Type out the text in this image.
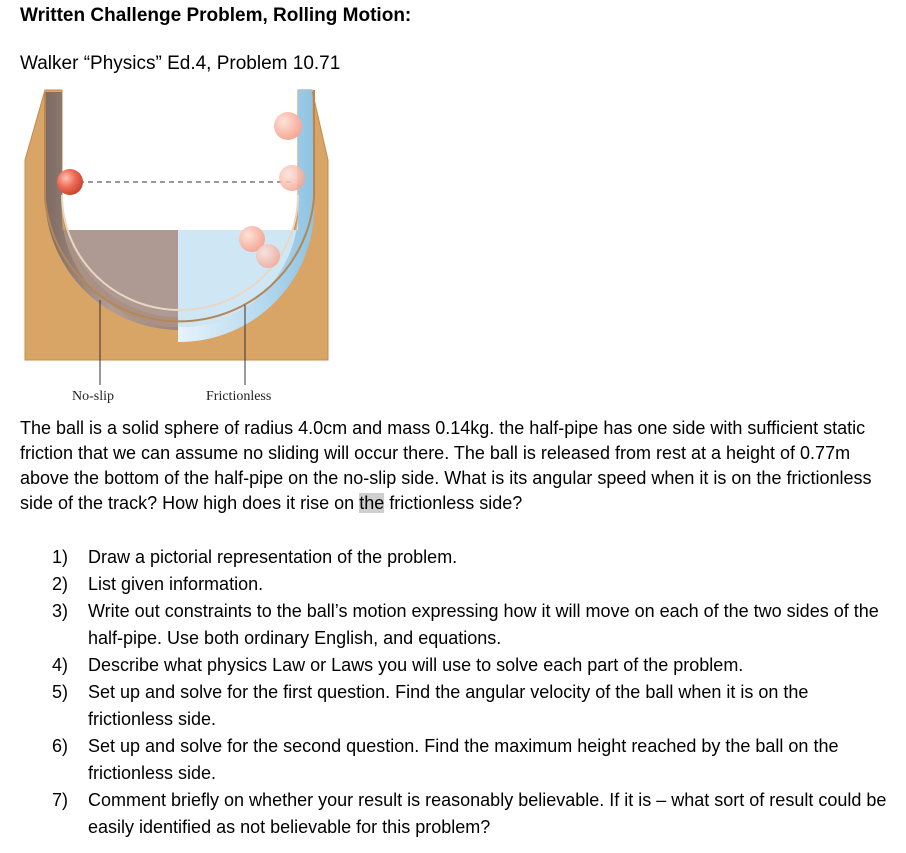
Written Challenge Problem, Rolling Motion:
Walker “Physics” Ed.4, Problem 10.71
No-slip	Frictionless
The ball is a solid sphere of radius 4.0cm and mass 0.14kg. the half-pipe has one side with sufficient static friction that we can assume no sliding will occur there. The ball is released from rest at a height of 0.77m above the bottom of the half-pipe on the no-slip side. What is its angular speed when it is on the frictionless side of the track? How high does it rise on the frictionless side?
1) Draw a pictorial representation of the problem.
2) List given information.
3) Write out constraints to the ball’s motion expressing how it will move on each of the two sides of the half-pipe. Use both ordinary English, and equations.
4) Describe what physics Law or Laws you will use to solve each part of the problem.
5) Set up and solve for the first question. Find the angular velocity of the ball when it is on the frictionless side.
6) Set up and solve for the second question. Find the maximum height reached by the ball on the frictionless side.
7) Comment briefly on whether your result is reasonably believable. If it is – what sort of result could be easily identified as not believable for this problem?
